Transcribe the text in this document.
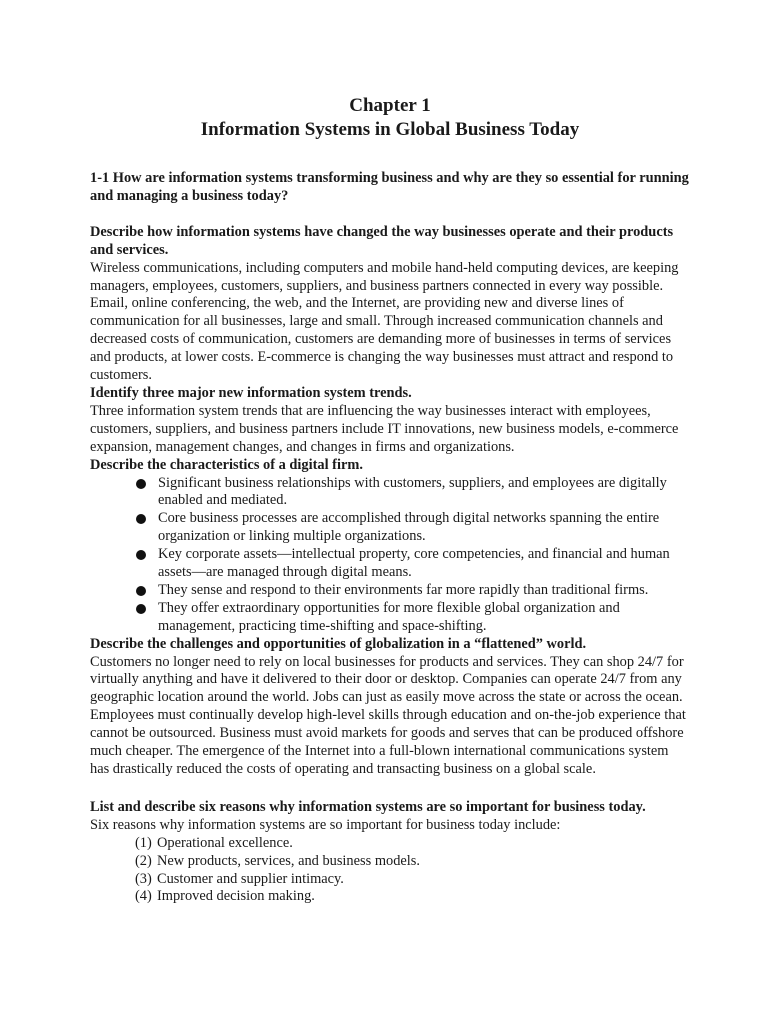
Chapter 1
Information Systems in Global Business Today

1-1 How are information systems transforming business and why are they so essential for running and managing a business today?

Describe how information systems have changed the way businesses operate and their products and services.

Wireless communications, including computers and mobile hand-held computing devices, are keeping managers, employees, customers, suppliers, and business partners connected in every way possible. Email, online conferencing, the web, and the Internet, are providing new and diverse lines of communication for all businesses, large and small. Through increased communication channels and decreased costs of communication, customers are demanding more of businesses in terms of services and products, at lower costs. E-commerce is changing the way businesses must attract and respond to customers.

Identify three major new information system trends.

Three information system trends that are influencing the way businesses interact with employees, customers, suppliers, and business partners include IT innovations, new business models, e-commerce expansion, management changes, and changes in firms and organizations.

Describe the characteristics of a digital firm.

Significant business relationships with customers, suppliers, and employees are digitally enabled and mediated.
Core business processes are accomplished through digital networks spanning the entire organization or linking multiple organizations.
Key corporate assets—intellectual property, core competencies, and financial and human assets—are managed through digital means.
They sense and respond to their environments far more rapidly than traditional firms.
They offer extraordinary opportunities for more flexible global organization and management, practicing time-shifting and space-shifting.

Describe the challenges and opportunities of globalization in a “flattened” world.

Customers no longer need to rely on local businesses for products and services. They can shop 24/7 for virtually anything and have it delivered to their door or desktop. Companies can operate 24/7 from any geographic location around the world. Jobs can just as easily move across the state or across the ocean. Employees must continually develop high-level skills through education and on-the-job experience that cannot be outsourced. Business must avoid markets for goods and serves that can be produced offshore much cheaper. The emergence of the Internet into a full-blown international communications system has drastically reduced the costs of operating and transacting business on a global scale.

List and describe six reasons why information systems are so important for business today.

Six reasons why information systems are so important for business today include:

(1) Operational excellence.
(2) New products, services, and business models.
(3) Customer and supplier intimacy.
(4) Improved decision making.
